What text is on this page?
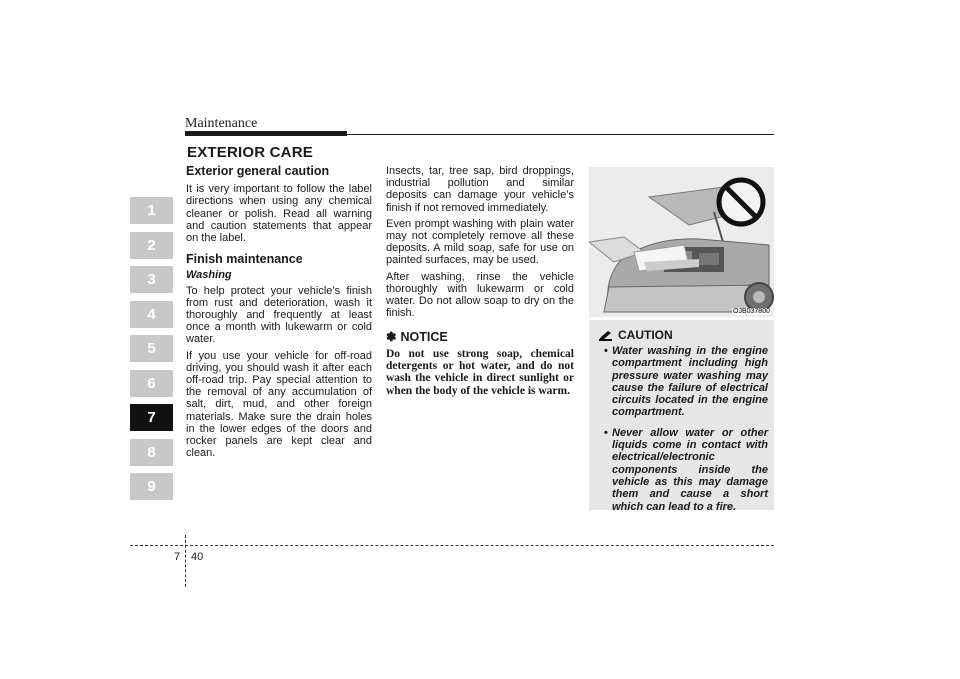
Maintenance
EXTERIOR CARE
1
2
3
4
5
6
7
8
9
Exterior general caution

It is very important to follow the label directions when using any chemical cleaner or polish. Read all warning and caution statements that appear on the label.

Finish maintenance
Washing

To help protect your vehicle’s finish from rust and deterioration, wash it thoroughly and frequently at least once a month with lukewarm or cold water.

If you use your vehicle for off-road driving, you should wash it after each off-road trip. Pay special attention to the removal of any accumulation of salt, dirt, mud, and other foreign materials. Make sure the drain holes in the lower edges of the doors and rocker panels are kept clear and clean.

Insects, tar, tree sap, bird droppings, industrial pollution and similar deposits can damage your vehicle’s finish if not removed immediately.

Even prompt washing with plain water may not completely remove all these deposits. A mild soap, safe for use on painted surfaces, may be used.

After washing, rinse the vehicle thoroughly with lukewarm or cold water. Do not allow soap to dry on the finish.

✽ NOTICE

Do not use strong soap, chemical detergents or hot water, and do not wash the vehicle in direct sunlight or when the body of the vehicle is warm.

OJB037800
CAUTION
• Water washing in the engine compartment including high pressure water washing may cause the failure of electrical circuits located in the engine compartment.
• Never allow water or other liquids come in contact with electrical/electronic components inside the vehicle as this may damage them and cause a short which can lead to a fire.
7 40
